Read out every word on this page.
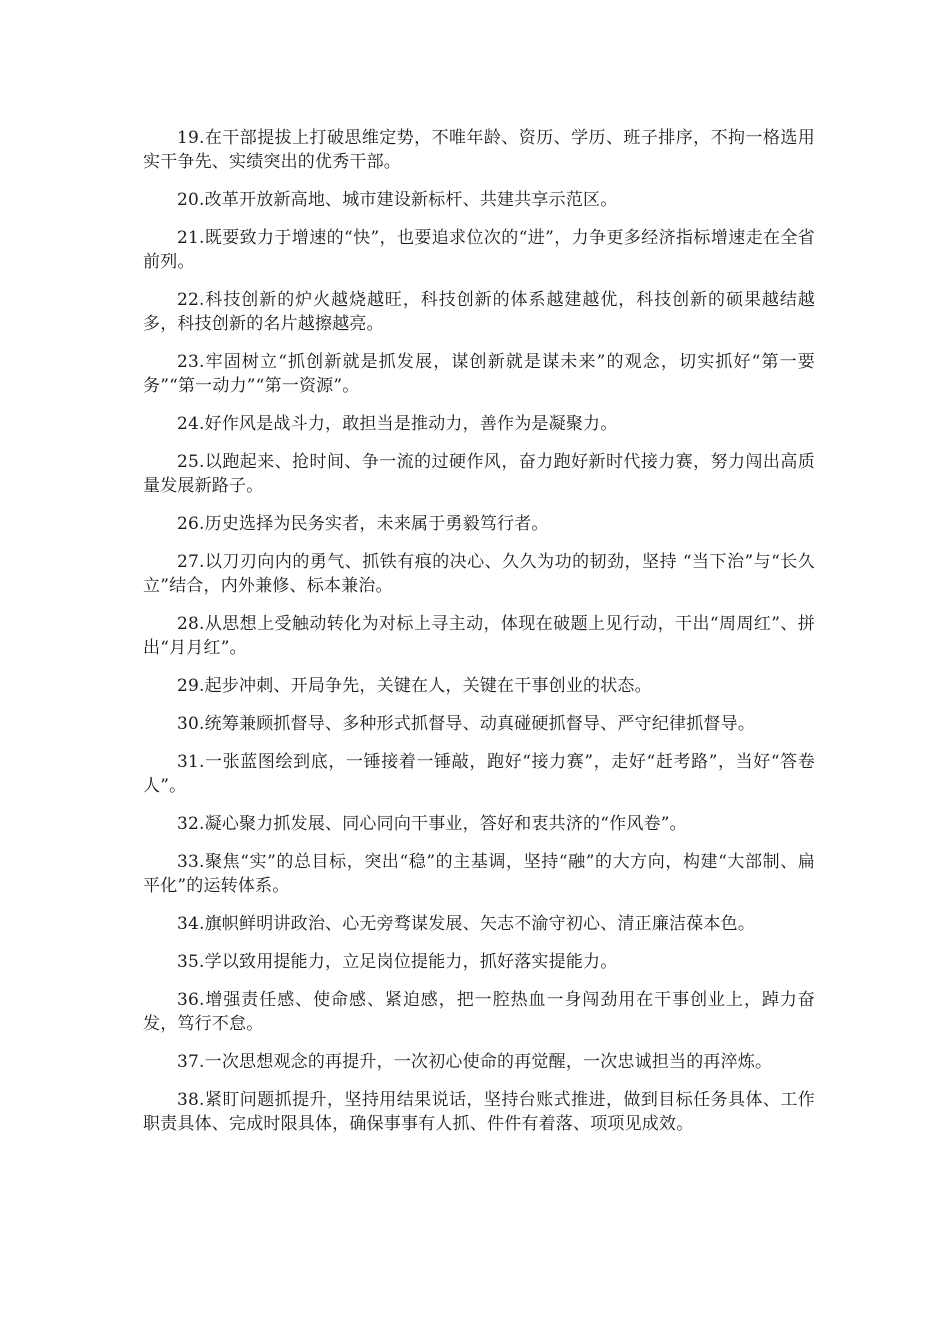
19.在干部提拔上打破思维定势，不唯年龄、资历、学历、班子排序，不拘一格选用实干争先、实绩突出的优秀干部。

20.改革开放新高地、城市建设新标杆、共建共享示范区。

21.既要致力于增速的“快”，也要追求位次的“进”，力争更多经济指标增速走在全省前列。

22.科技创新的炉火越烧越旺，科技创新的体系越建越优，科技创新的硕果越结越多，科技创新的名片越擦越亮。

23.牢固树立“抓创新就是抓发展，谋创新就是谋未来”的观念，切实抓好“第一要务”“第一动力”“第一资源”。

24.好作风是战斗力，敢担当是推动力，善作为是凝聚力。

25.以跑起来、抢时间、争一流的过硬作风，奋力跑好新时代接力赛，努力闯出高质量发展新路子。

26.历史选择为民务实者，未来属于勇毅笃行者。

27.以刀刃向内的勇气、抓铁有痕的决心、久久为功的韧劲，坚持 “当下治”与“长久立”结合，内外兼修、标本兼治。

28.从思想上受触动转化为对标上寻主动，体现在破题上见行动，干出“周周红”、拼出“月月红”。

29.起步冲刺、开局争先，关键在人，关键在干事创业的状态。

30.统筹兼顾抓督导、多种形式抓督导、动真碰硬抓督导、严守纪律抓督导。

31.一张蓝图绘到底，一锤接着一锤敲，跑好“接力赛”，走好“赶考路”，当好“答卷人”。

32.凝心聚力抓发展、同心同向干事业，答好和衷共济的“作风卷”。

33.聚焦“实”的总目标，突出“稳”的主基调，坚持“融”的大方向，构建“大部制、扁平化”的运转体系。

34.旗帜鲜明讲政治、心无旁骛谋发展、矢志不渝守初心、清正廉洁葆本色。

35.学以致用提能力，立足岗位提能力，抓好落实提能力。

36.增强责任感、使命感、紧迫感，把一腔热血一身闯劲用在干事创业上，踔力奋发，笃行不怠。

37.一次思想观念的再提升，一次初心使命的再觉醒，一次忠诚担当的再淬炼。

38.紧盯问题抓提升，坚持用结果说话，坚持台账式推进，做到目标任务具体、工作职责具体、完成时限具体，确保事事有人抓、件件有着落、项项见成效。
